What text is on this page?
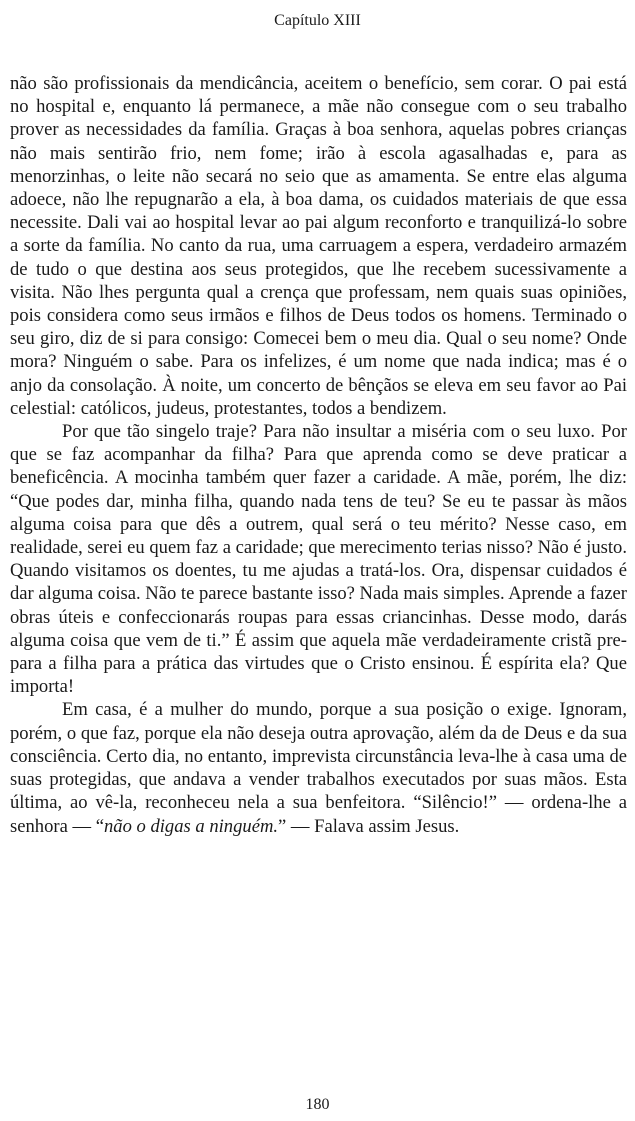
Capítulo XIII

não são profissionais da mendicância, aceitem o benefício, sem corar. O pai está no hospital e, enquanto lá permanece, a mãe não consegue com o seu trabalho prover as necessidades da família. Graças à boa senhora, aquelas pobres crianças não mais sentirão frio, nem fome; irão à escola agasalhadas e, para as menorzinhas, o leite não secará no seio que as amamenta. Se entre elas alguma adoece, não lhe repugnarão a ela, à boa dama, os cuidados materiais de que essa necessite. Dali vai ao hospital levar ao pai algum reconforto e tranquilizá-lo sobre a sorte da família. No canto da rua, uma carruagem a espera, verdadeiro armazém de tudo o que destina aos seus protegidos, que lhe recebem sucessivamente a visita. Não lhes pergunta qual a crença que professam, nem quais suas opiniões, pois considera como seus irmãos e filhos de Deus todos os homens. Terminado o seu giro, diz de si para consigo: Comecei bem o meu dia. Qual o seu nome? Onde mora? Ninguém o sabe. Para os infelizes, é um nome que nada indica; mas é o anjo da consolação. À noite, um concerto de bênçãos se eleva em seu favor ao Pai celestial: católicos, judeus, protestantes, todos a bendizem.

Por que tão singelo traje? Para não insultar a miséria com o seu luxo. Por que se faz acompanhar da filha? Para que aprenda como se deve praticar a beneficência. A mocinha também quer fazer a caridade. A mãe, porém, lhe diz: “Que podes dar, minha filha, quando nada tens de teu? Se eu te passar às mãos alguma coisa para que dês a outrem, qual será o teu mérito? Nesse caso, em realidade, serei eu quem faz a caridade; que merecimento terias nisso? Não é justo. Quando visitamos os doentes, tu me ajudas a tratá-los. Ora, dispensar cuidados é dar alguma coisa. Não te parece bastante isso? Nada mais simples. Aprende a fazer obras úteis e confeccionarás roupas para essas criancinhas. Desse modo, darás alguma coisa que vem de ti.” É assim que aquela mãe verdadeiramente cristã prepara a filha para a prática das virtudes que o Cristo ensinou. É espírita ela? Que importa!

Em casa, é a mulher do mundo, porque a sua posição o exige. Ignoram, porém, o que faz, porque ela não deseja outra aprovação, além da de Deus e da sua consciência. Certo dia, no entanto, imprevista circunstância leva-lhe à casa uma de suas protegidas, que andava a vender trabalhos executados por suas mãos. Esta última, ao vê-la, reconheceu nela a sua benfeitora. “Silêncio!” — ordena-lhe a senhora — “não o digas a ninguém.” — Falava assim Jesus.

180
